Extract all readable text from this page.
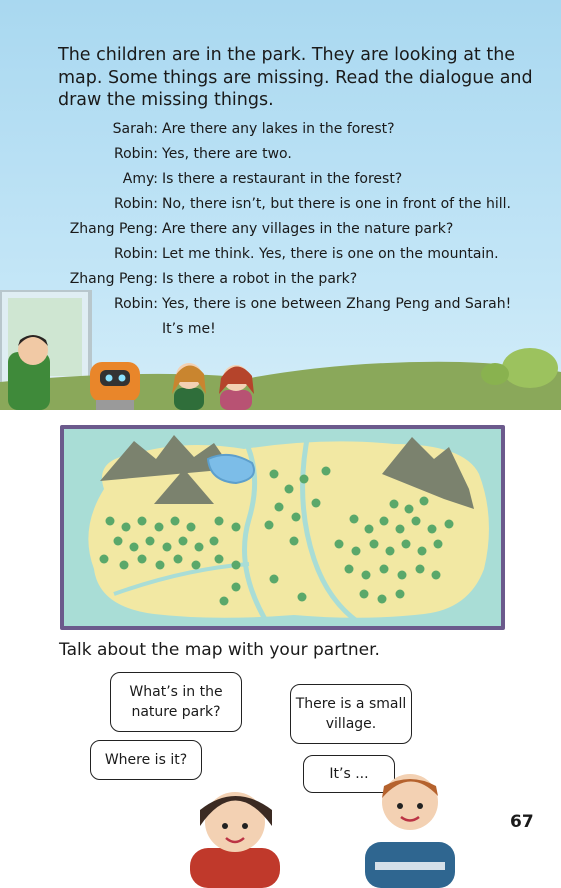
The children are in the park. They are looking at the map. Some things are missing. Read the dialogue and draw the missing things.

Sarah: Are there any lakes in the forest?
Robin: Yes, there are two.
Amy: Is there a restaurant in the forest?
Robin: No, there isn’t, but there is one in front of the hill.
Zhang Peng: Are there any villages in the nature park?
Robin: Let me think. Yes, there is one on the mountain.
Zhang Peng: Is there a robot in the park?
Robin: Yes, there is one between Zhang Peng and Sarah!
It’s me!

Talk about the map with your partner.

What’s in the nature park?	There is a small village.
Where is it?
It’s ...
67
